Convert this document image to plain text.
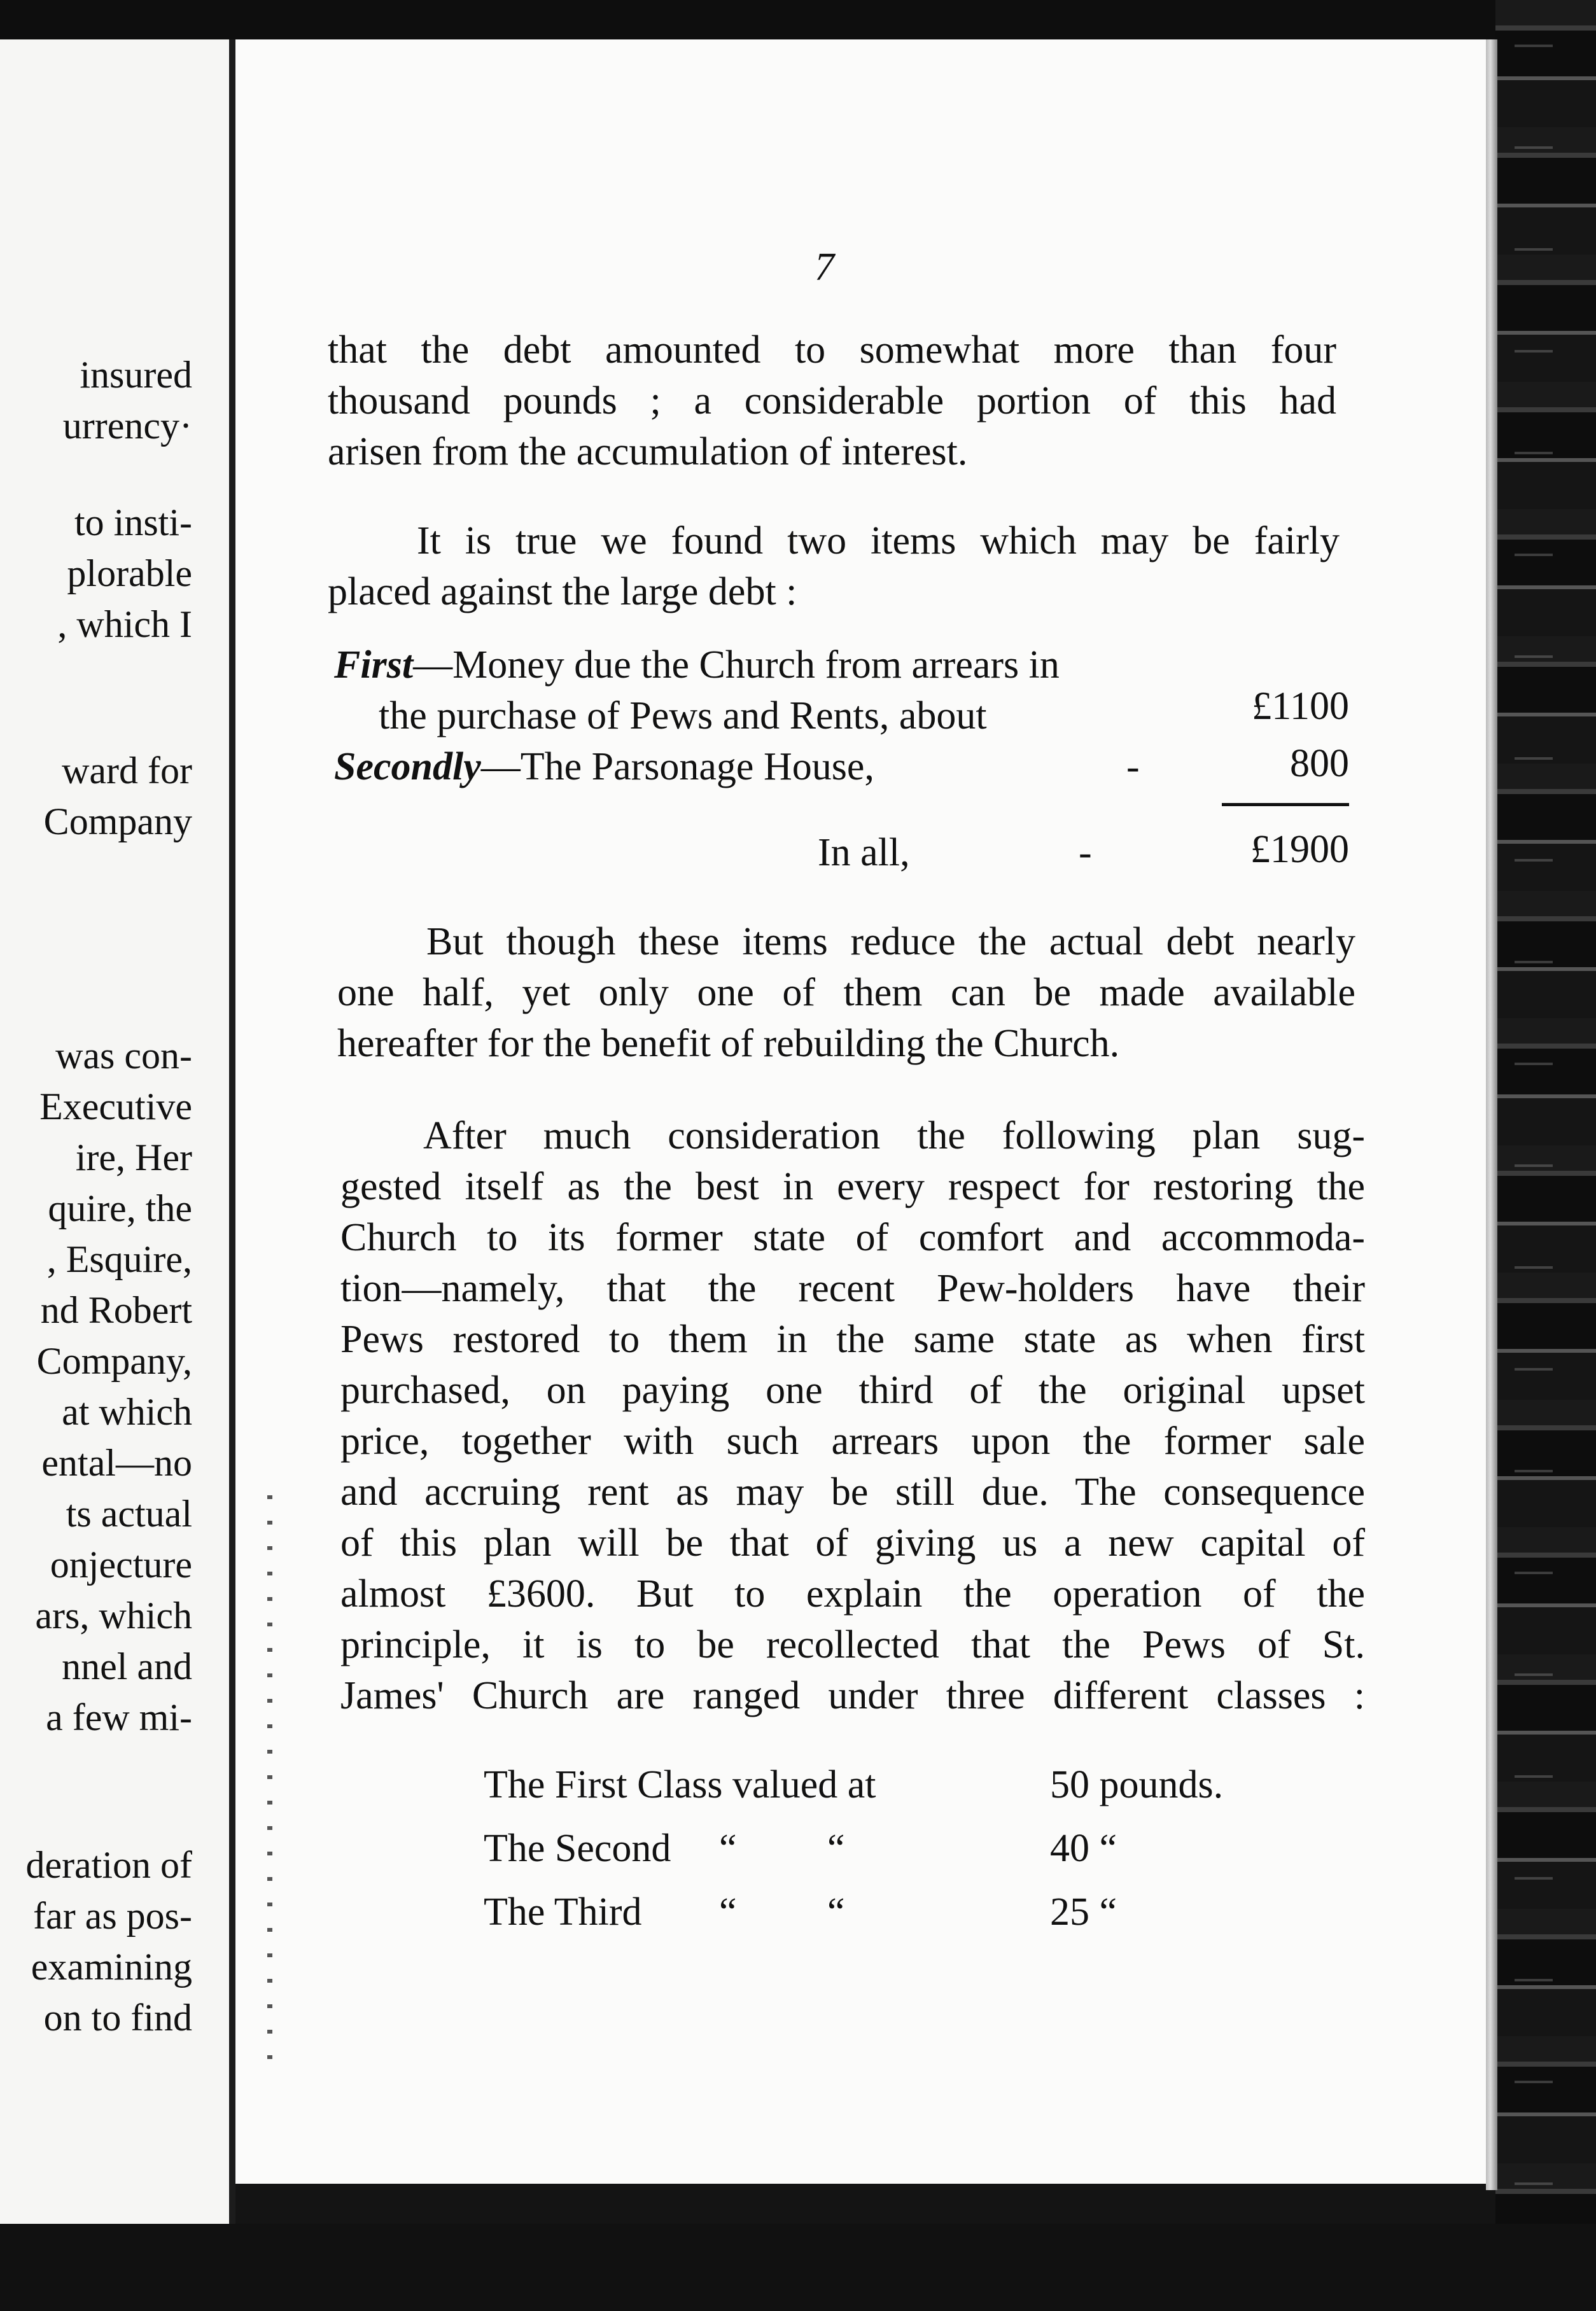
insured
urrency·
to insti-
plorable
, which I
ward for
Company
was con-
Executive
ire, Her
quire, the
, Esquire,
nd Robert
Company,
at which
ental—no
ts actual
onjecture
ars, which
nnel and
a few mi-
deration of
far as pos-
examining
on to find
7
that the debt amounted to somewhat more than four
thousand pounds ; a considerable portion of this had
arisen from the accumulation of interest.
It is true we found two items which may be fairly
placed against the large debt :
First—Money due the Church from arrears in
the purchase of Pews and Rents, about	£1100
Secondly—The Parsonage House,	-	800
In all,	-	£1900
But though these items reduce the actual debt nearly
one half, yet only one of them can be made available
hereafter for the benefit of rebuilding the Church.
After much consideration the following plan sug-
gested itself as the best in every respect for restoring the
Church to its former state of comfort and accommoda-
tion—namely, that the recent Pew-holders have their
Pews restored to them in the same state as when first
purchased, on paying one third of the original upset
price, together with such arrears upon the former sale
and accruing rent as may be still due. The consequence
of this plan will be that of giving us a new capital of
almost £3600. But to explain the operation of the
principle, it is to be recollected that the Pews of St.
James' Church are ranged under three different classes :
The First Class valued at	50 pounds.
The Second “ “	40 “
The Third “ “	25 “
